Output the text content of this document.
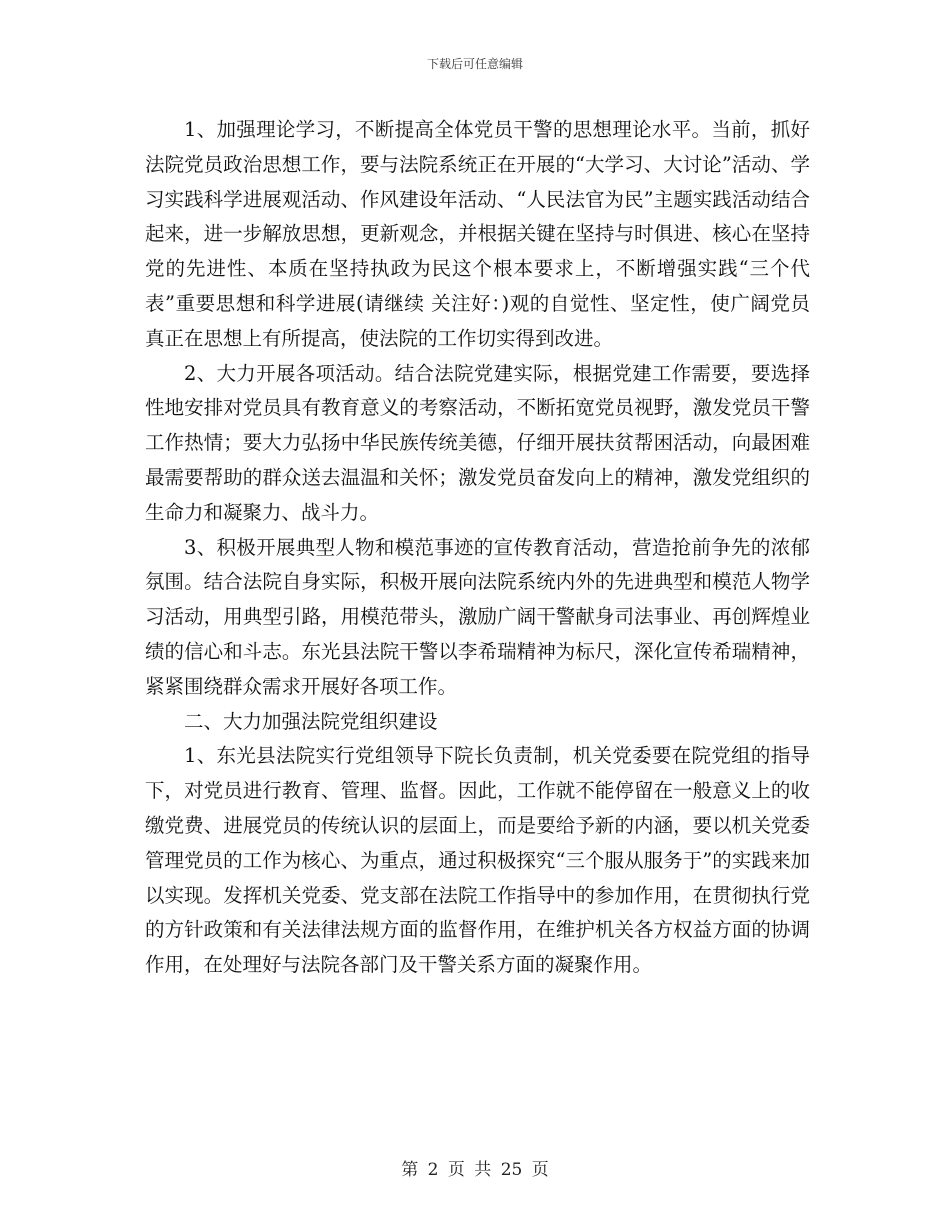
下载后可任意编辑

1、加强理论学习，不断提高全体党员干警的思想理论水平。当前，抓好法院党员政治思想工作，要与法院系统正在开展的“大学习、大讨论”活动、学习实践科学进展观活动、作风建设年活动、“人民法官为民”主题实践活动结合起来，进一步解放思想，更新观念，并根据关键在坚持与时俱进、核心在坚持党的先进性、本质在坚持执政为民这个根本要求上，不断增强实践“三个代表”重要思想和科学进展(请继续 关注好：)观的自觉性、坚定性，使广阔党员真正在思想上有所提高，使法院的工作切实得到改进。

2、大力开展各项活动。结合法院党建实际，根据党建工作需要，要选择性地安排对党员具有教育意义的考察活动，不断拓宽党员视野，激发党员干警工作热情；要大力弘扬中华民族传统美德，仔细开展扶贫帮困活动，向最困难最需要帮助的群众送去温温和关怀；激发党员奋发向上的精神，激发党组织的生命力和凝聚力、战斗力。

3、积极开展典型人物和模范事迹的宣传教育活动，营造抢前争先的浓郁氛围。结合法院自身实际，积极开展向法院系统内外的先进典型和模范人物学习活动，用典型引路，用模范带头，激励广阔干警献身司法事业、再创辉煌业绩的信心和斗志。东光县法院干警以李希瑞精神为标尺，深化宣传希瑞精神，紧紧围绕群众需求开展好各项工作。

二、大力加强法院党组织建设

1、东光县法院实行党组领导下院长负责制，机关党委要在院党组的指导下，对党员进行教育、管理、监督。因此，工作就不能停留在一般意义上的收缴党费、进展党员的传统认识的层面上，而是要给予新的内涵，要以机关党委管理党员的工作为核心、为重点，通过积极探究“三个服从服务于”的实践来加以实现。发挥机关党委、党支部在法院工作指导中的参加作用，在贯彻执行党的方针政策和有关法律法规方面的监督作用，在维护机关各方权益方面的协调作用，在处理好与法院各部门及干警关系方面的凝聚作用。

第 2 页 共 25 页
